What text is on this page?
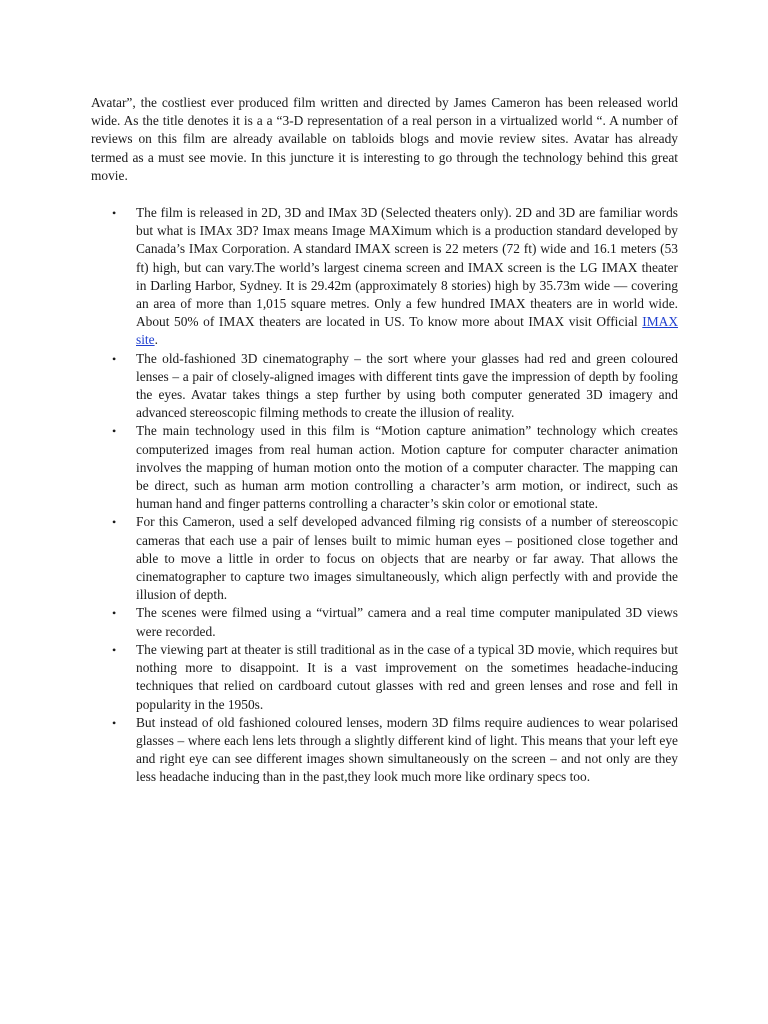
Avatar”, the costliest ever produced film written and directed by James Cameron has been released world wide. As the title denotes it is a a “3-D representation of a real person in a virtualized world “. A number of reviews on this film are already available on tabloids blogs and movie review sites. Avatar has already termed as a must see movie. In this juncture it is interesting to go through the technology behind this great movie.

• The film is released in 2D, 3D and IMax 3D (Selected theaters only). 2D and 3D are familiar words but what is IMAx 3D? Imax means Image MAXimum which is a production standard developed by Canada’s IMax Corporation. A standard IMAX screen is 22 meters (72 ft) wide and 16.1 meters (53 ft) high, but can vary.The world’s largest cinema screen and IMAX screen is the LG IMAX theater in Darling Harbor, Sydney. It is 29.42m (approximately 8 stories) high by 35.73m wide — covering an area of more than 1,015 square metres. Only a few hundred IMAX theaters are in world wide. About 50% of IMAX theaters are located in US. To know more about IMAX visit Official IMAX site.
• The old-fashioned 3D cinematography – the sort where your glasses had red and green coloured lenses – a pair of closely-aligned images with different tints gave the impression of depth by fooling the eyes. Avatar takes things a step further by using both computer generated 3D imagery and advanced stereoscopic filming methods to create the illusion of reality.
• The main technology used in this film is “Motion capture animation” technology which creates computerized images from real human action. Motion capture for computer character animation involves the mapping of human motion onto the motion of a computer character. The mapping can be direct, such as human arm motion controlling a character’s arm motion, or indirect, such as human hand and finger patterns controlling a character’s skin color or emotional state.
• For this Cameron, used a self developed advanced filming rig consists of a number of stereoscopic cameras that each use a pair of lenses built to mimic human eyes – positioned close together and able to move a little in order to focus on objects that are nearby or far away. That allows the cinematographer to capture two images simultaneously, which align perfectly with and provide the illusion of depth.
• The scenes were filmed using a “virtual” camera and a real time computer manipulated 3D views were recorded.
• The viewing part at theater is still traditional as in the case of a typical 3D movie, which requires but nothing more to disappoint. It is a vast improvement on the sometimes headache-inducing techniques that relied on cardboard cutout glasses with red and green lenses and rose and fell in popularity in the 1950s.
• But instead of old fashioned coloured lenses, modern 3D films require audiences to wear polarised glasses – where each lens lets through a slightly different kind of light. This means that your left eye and right eye can see different images shown simultaneously on the screen – and not only are they less headache inducing than in the past,they look much more like ordinary specs too.
